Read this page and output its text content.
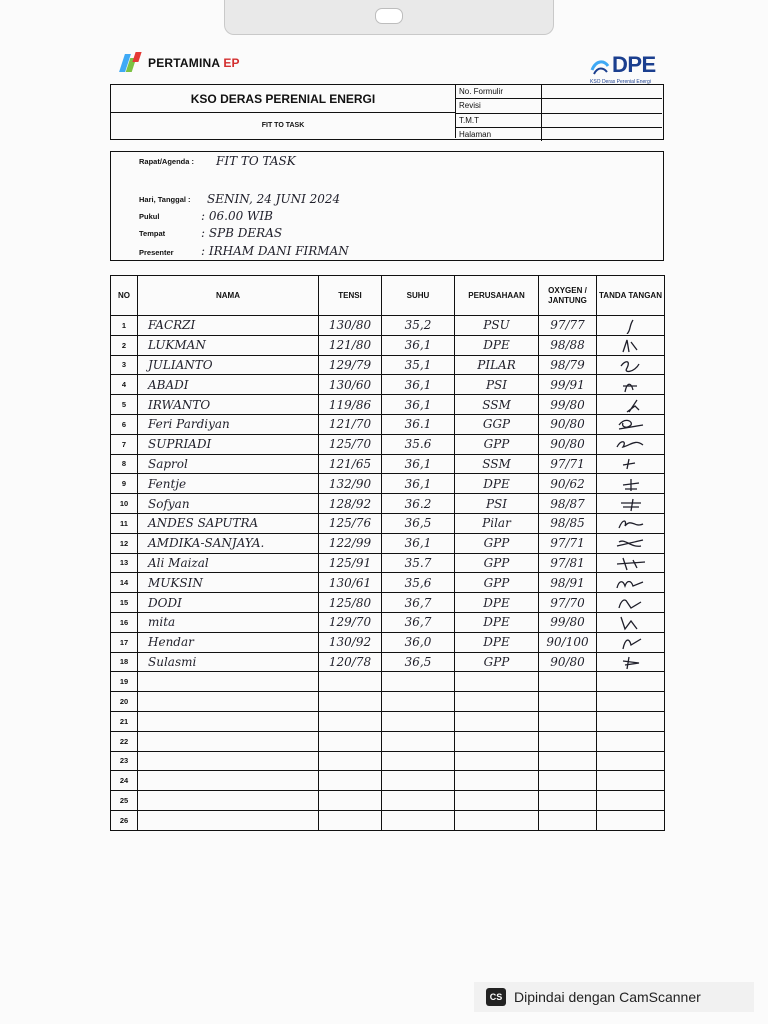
PERTAMINA EP	DPE
KSO Deras Perenial Energi
KSO DERAS PERENIAL ENERGI
FIT TO TASK
No. Formulir
Revisi
T.M.T
Halaman
Rapat/Agenda : FIT TO TASK
Hari, Tanggal : SENIN, 24 JUNI 2024
Pukul	: 06.00 WIB
Tempat	: SPB DERAS
Presenter : IRHAM DANI FIRMAN
NO	NAMA	TENSI	SUHU	PERUSAHAAN	OXYGEN / JANTUNG	TANDA TANGAN
1	FACRZI	130/80	35,2	PSU	97/77	

2	LUKMAN	121/80	36,1	DPE	98/88	

3	JULIANTO	129/79	35,1	PILAR	98/79	

4	ABADI	130/60	36,1	PSI	99/91	

5	IRWANTO	119/86	36,1	SSM	99/80	

6	Feri Pardiyan	121/70	36.1	GGP	90/80	

7	SUPRIADI	125/70	35.6	GPP	90/80	

8	Saprol	121/65	36,1	SSM	97/71	

9	Fentje	132/90	36,1	DPE	90/62	

10	Sofyan	128/92	36.2	PSI	98/87	

11	ANDES SAPUTRA	125/76	36,5	Pilar	98/85	

12	AMDIKA-SANJAYA.	122/99	36,1	GPP	97/71	

13	Ali Maizal	125/91	35.7	GPP	97/81	

14	MUKSIN	130/61	35,6	GPP	98/91	

15	DODI	125/80	36,7	DPE	97/70	

16	mita	129/70	36,7	DPE	99/80	

17	Hendar	130/92	36,0	DPE	90/100	

18	Sulasmi	120/78	36,5	GPP	90/80	

19						
20						
21						
22						
23						
24						
25						
26						
CS Dipindai dengan CamScanner
